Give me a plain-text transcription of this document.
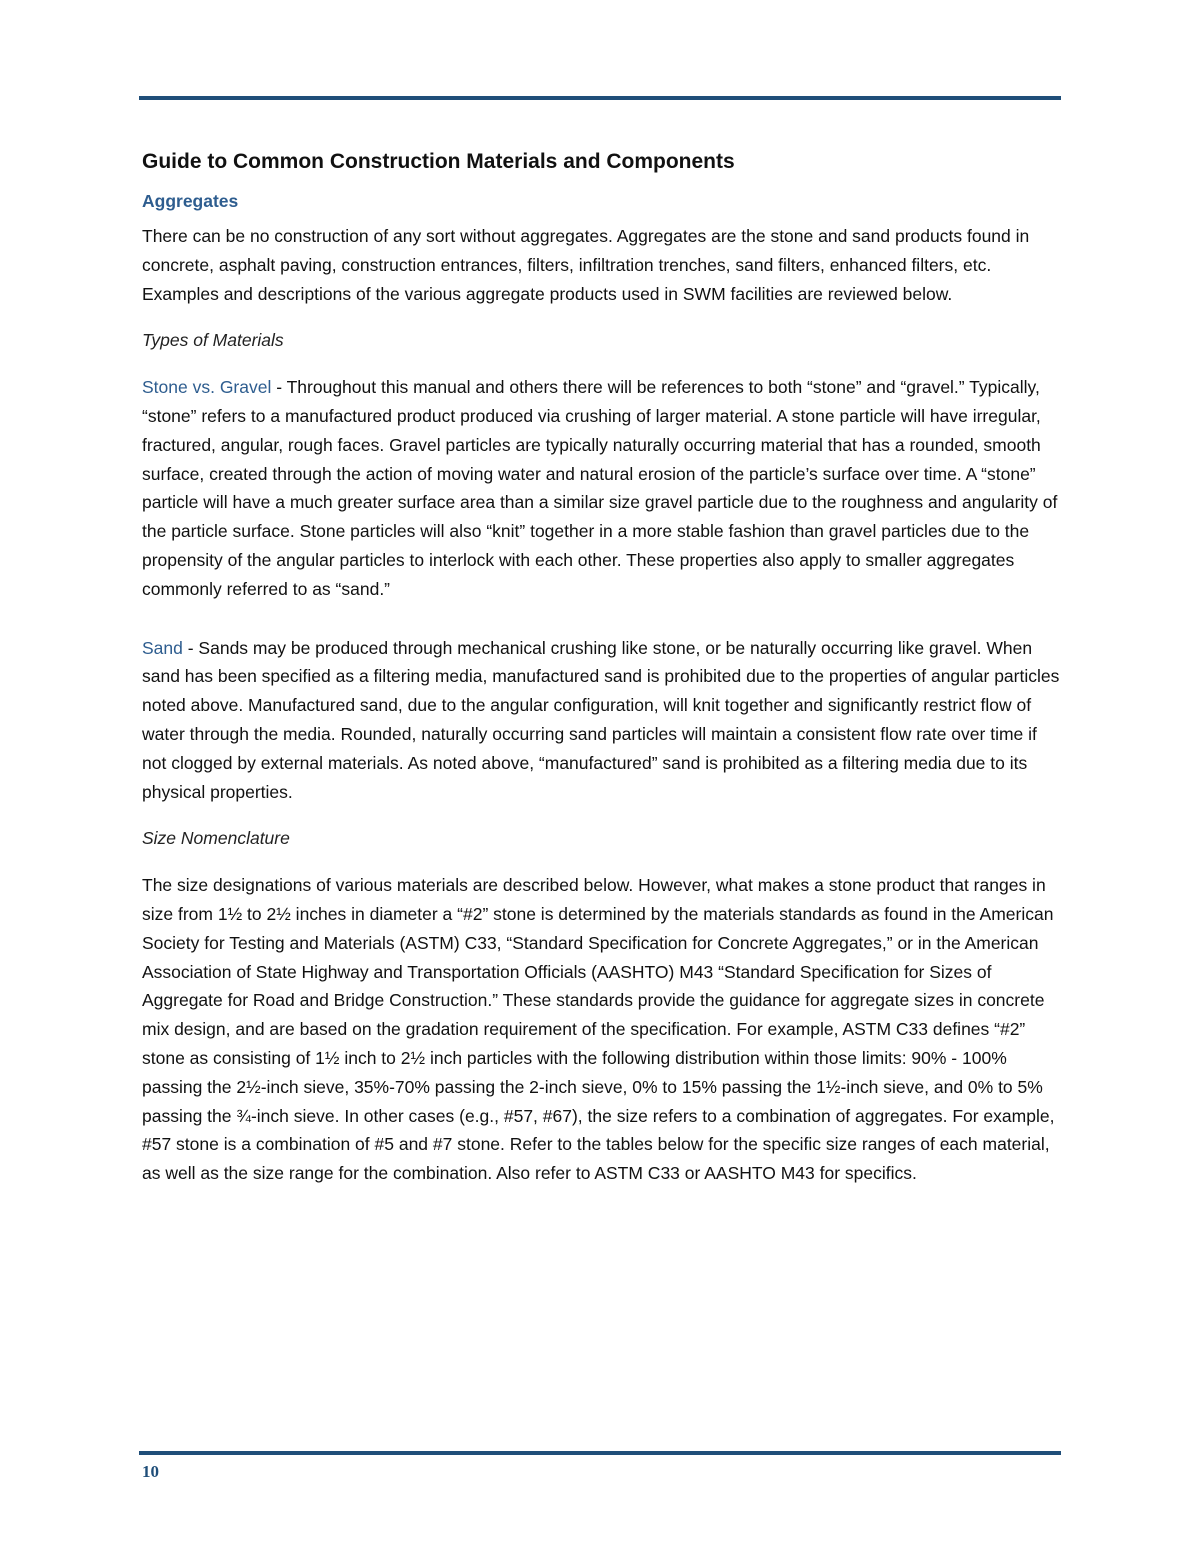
Guide to Common Construction Materials and Components
Aggregates

There can be no construction of any sort without aggregates. Aggregates are the stone and sand products found in concrete, asphalt paving, construction entrances, filters, infiltration trenches, sand filters, enhanced filters, etc. Examples and descriptions of the various aggregate products used in SWM facilities are reviewed below.

Types of Materials

Stone vs. Gravel - Throughout this manual and others there will be references to both “stone” and “gravel.” Typically, “stone” refers to a manufactured product produced via crushing of larger material. A stone particle will have irregular, fractured, angular, rough faces. Gravel particles are typically naturally occurring material that has a rounded, smooth surface, created through the action of moving water and natural erosion of the particle’s surface over time. A “stone” particle will have a much greater surface area than a similar size gravel particle due to the roughness and angularity of the particle surface. Stone particles will also “knit” together in a more stable fashion than gravel particles due to the propensity of the angular particles to interlock with each other. These properties also apply to smaller aggregates commonly referred to as “sand.”

Sand - Sands may be produced through mechanical crushing like stone, or be naturally occurring like gravel. When sand has been specified as a filtering media, manufactured sand is prohibited due to the properties of angular particles noted above. Manufactured sand, due to the angular configuration, will knit together and significantly restrict flow of water through the media. Rounded, naturally occurring sand particles will maintain a consistent flow rate over time if not clogged by external materials. As noted above, “manufactured” sand is prohibited as a filtering media due to its physical properties.

Size Nomenclature

The size designations of various materials are described below. However, what makes a stone product that ranges in size from 1½ to 2½ inches in diameter a “#2” stone is determined by the materials standards as found in the American Society for Testing and Materials (ASTM) C33, “Standard Specification for Concrete Aggregates,” or in the American Association of State Highway and Transportation Officials (AASHTO) M43 “Standard Specification for Sizes of Aggregate for Road and Bridge Construction.” These standards provide the guidance for aggregate sizes in concrete mix design, and are based on the gradation requirement of the specification. For example, ASTM C33 defines “#2” stone as consisting of 1½ inch to 2½ inch particles with the following distribution within those limits: 90% - 100% passing the 2½-inch sieve, 35%-70% passing the 2-inch sieve, 0% to 15% passing the 1½-inch sieve, and 0% to 5% passing the ¾-inch sieve. In other cases (e.g., #57, #67), the size refers to a combination of aggregates. For example, #57 stone is a combination of #5 and #7 stone. Refer to the tables below for the specific size ranges of each material, as well as the size range for the combination. Also refer to ASTM C33 or AASHTO M43 for specifics.

10
